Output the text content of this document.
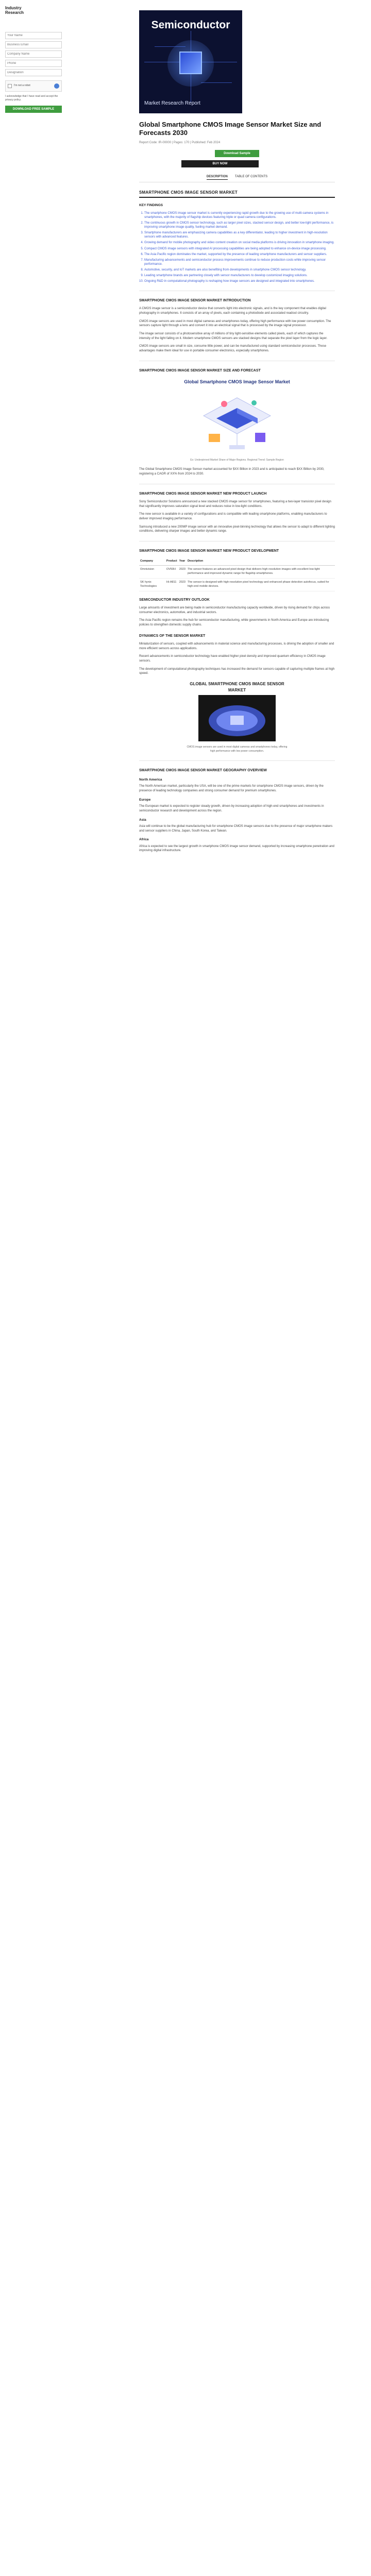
Industry
Research
Your Name
Business Email
Company Name
Phone
Designation
I'm not a robot
I acknowledge that I have read and accept the privacy policy.
DOWNLOAD FREE SAMPLE
Semiconductor
Market Research Report
Global Smartphone CMOS Image Sensor Market Size and Forecasts 2030
Report Code: IR-00000 | Pages: 170 | Published: Feb 2024
Download Sample
BUY NOW
DESCRIPTION TABLE OF CONTENTS
SMARTPHONE CMOS IMAGE SENSOR MARKET
KEY FINDINGS
1. The smartphone CMOS image sensor market is currently experiencing rapid growth due to the growing use of multi-camera systems in smartphones, with the majority of flagship devices featuring triple or quad camera configurations.
2. The continuous growth in CMOS sensor technology, such as larger pixel sizes, stacked sensor design, and better low-light performance, is improving smartphone image quality, fueling market demand.
3. Smartphone manufacturers are emphasizing camera capabilities as a key differentiator, leading to higher investment in high-resolution sensors with advanced features.
4. Growing demand for mobile photography and video content creation on social media platforms is driving innovation in smartphone imaging.
5. Compact CMOS image sensors with integrated AI processing capabilities are being adopted to enhance on-device image processing.
6. The Asia Pacific region dominates the market, supported by the presence of leading smartphone manufacturers and sensor suppliers.
7. Manufacturing advancements and semiconductor process improvements continue to reduce production costs while improving sensor performance.
8. Automotive, security, and IoT markets are also benefiting from developments in smartphone CMOS sensor technology.
9. Leading smartphone brands are partnering closely with sensor manufacturers to develop customized imaging solutions.
10. Ongoing R&D in computational photography is reshaping how image sensors are designed and integrated into smartphones.
SMARTPHONE CMOS IMAGE SENSOR MARKET INTRODUCTION

A CMOS image sensor is a semiconductor device that converts light into electronic signals, and is the key component that enables digital photography in smartphones. It consists of an array of pixels, each containing a photodiode and associated readout circuitry.

CMOS image sensors are used in most digital cameras and smartphones today, offering high performance with low power consumption. The sensors capture light through a lens and convert it into an electrical signal that is processed by the image signal processor.

The image sensor consists of a photosensitive array of millions of tiny light-sensitive elements called pixels, each of which captures the intensity of the light falling on it. Modern smartphone CMOS sensors are stacked designs that separate the pixel layer from the logic layer.

CMOS image sensors are small in size, consume little power, and can be manufactured using standard semiconductor processes. These advantages make them ideal for use in portable consumer electronics, especially smartphones.

SMARTPHONE CMOS IMAGE SENSOR MARKET SIZE AND FORECAST
Global Smartphone CMOS Image Sensor Market
Ex: Underpinned Market Share of Major Regions. Regional Trend: Sample Region

The Global Smartphone CMOS Image Sensor market accounted for $XX Billion in 2023 and is anticipated to reach $XX Billion by 2030, registering a CAGR of XX% from 2024 to 2030.

SMARTPHONE CMOS IMAGE SENSOR MARKET NEW PRODUCT LAUNCH

Sony Semiconductor Solutions announced a new stacked CMOS image sensor for smartphones, featuring a two-layer transistor pixel design that significantly improves saturation signal level and reduces noise in low-light conditions.

The new sensor is available in a variety of configurations and is compatible with leading smartphone platforms, enabling manufacturers to deliver improved imaging performance.

Samsung introduced a new 200MP image sensor with an innovative pixel-binning technology that allows the sensor to adapt to different lighting conditions, delivering sharper images and better dynamic range.

SMARTPHONE CMOS IMAGE SENSOR MARKET NEW PRODUCT DEVELOPMENT
Company	Product	Year	Description
Omnivision	OV50H	2023	The sensor features an advanced pixel design that delivers high resolution images with excellent low-light performance and improved dynamic range for flagship smartphones.
SK hynix Technologies	Hi-A811	2023	The sensor is designed with high-resolution pixel technology and enhanced phase detection autofocus, suited for high-end mobile devices.
SEMICONDUCTOR INDUSTRY OUTLOOK

Large amounts of investment are being made in semiconductor manufacturing capacity worldwide, driven by rising demand for chips across consumer electronics, automotive, and industrial sectors.

The Asia Pacific region remains the hub for semiconductor manufacturing, while governments in North America and Europe are introducing policies to strengthen domestic supply chains.

DYNAMICS OF THE SENSOR MARKET

Miniaturization of sensors, coupled with advancements in material science and manufacturing processes, is driving the adoption of smaller and more efficient sensors across applications.

Recent advancements in semiconductor technology have enabled higher pixel density and improved quantum efficiency in CMOS image sensors.

The development of computational photography techniques has increased the demand for sensors capable of capturing multiple frames at high speed.

GLOBAL SMARTPHONE CMOS IMAGE SENSOR MARKET
CMOS image sensors are used in most digital cameras and smartphones today, offering high performance with low power consumption.
SMARTPHONE CMOS IMAGE SENSOR MARKET GEOGRAPHY OVERVIEW
North America

The North American market, particularly the USA, will be one of the prime markets for smartphone CMOS image sensors, driven by the presence of leading technology companies and strong consumer demand for premium smartphones.

Europe

The European market is expected to register steady growth, driven by increasing adoption of high-end smartphones and investments in semiconductor research and development across the region.

Asia

Asia will continue to be the global manufacturing hub for smartphone CMOS image sensors due to the presence of major smartphone makers and sensor suppliers in China, Japan, South Korea, and Taiwan.

Africa

Africa is expected to see the largest growth in smartphone CMOS image sensor demand, supported by increasing smartphone penetration and improving digital infrastructure.
